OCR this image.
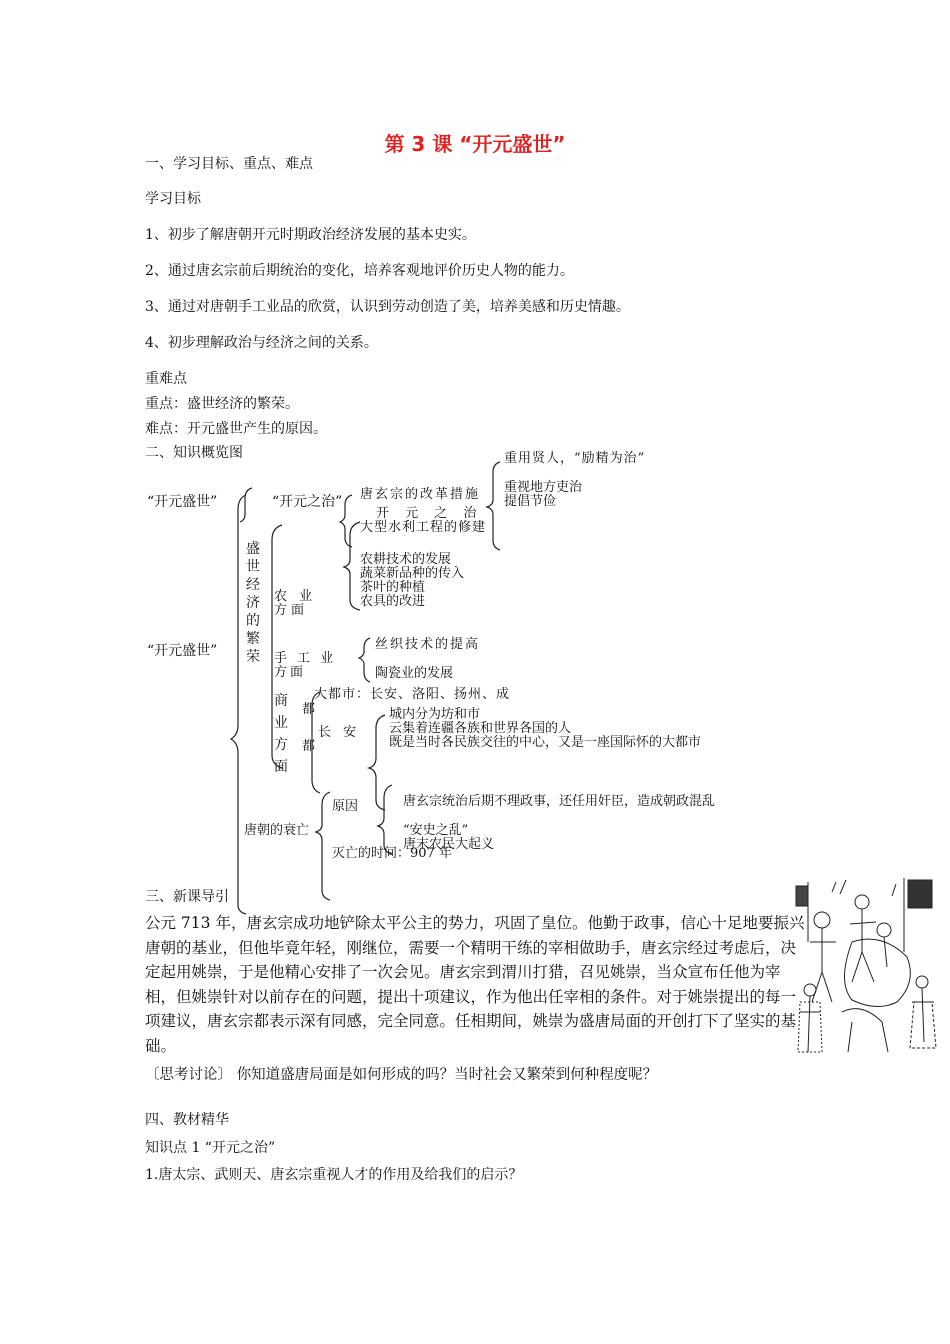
第 3 课 “开元盛世”
一、学习目标、重点、难点
学习目标
1、初步了解唐朝开元时期政治经济发展的基本史实。
2、通过唐玄宗前后期统治的变化，培养客观地评价历史人物的能力。
3、通过对唐朝手工业品的欣赏，认识到劳动创造了美，培养美感和历史情趣。
4、初步理解政治与经济之间的关系。
重难点
重点：盛世经济的繁荣。
难点：开元盛世产生的原因。
二、知识概览图
“开元盛世”
“开元盛世”
“开元之治” 唐玄宗的改革措施
开 元 之 治
重用贤人，“励精为治”
重视地方吏治
提倡节俭
盛世经济的繁荣
农 业 方面
大型水利工程的修建
农耕技术的发展
蔬菜新品种的传入
茶叶的种植
农具的改进
手 工 业 方面
丝织技术的提高
陶瓷业的发展
商业方面
大都市：长安、洛阳、扬州、成
都
都
长 安
城内分为坊和市
云集着连疆各族和世界各国的人
既是当时各民族交往的中心，又是一座国际怀的大都市
唐朝的衰亡
原因	唐玄宗统治后期不理政事，还任用奸臣，造成朝政混乱
“安史之乱”
唐末农民大起义
灭亡的时间：907 年
三、新课导引
公元 713 年，唐玄宗成功地铲除太平公主的势力，巩固了皇位。他勤于政事，信心十足地要振兴唐朝的基业，但他毕竟年轻，刚继位，需要一个精明干练的宰相做助手，唐玄宗经过考虑后，决定起用姚崇，于是他精心安排了一次会见。唐玄宗到渭川打猎，召见姚崇，当众宣布任他为宰相，但姚崇针对以前存在的问题，提出十项建议，作为他出任宰相的条件。对于姚崇提出的每一项建议，唐玄宗都表示深有同感，完全同意。任相期间，姚崇为盛唐局面的开创打下了坚实的基础。
〔思考讨论〕 你知道盛唐局面是如何形成的吗？当时社会又繁荣到何种程度呢？
四、教材精华
知识点 1 “开元之治”
1.唐太宗、武则天、唐玄宗重视人才的作用及给我们的启示？
